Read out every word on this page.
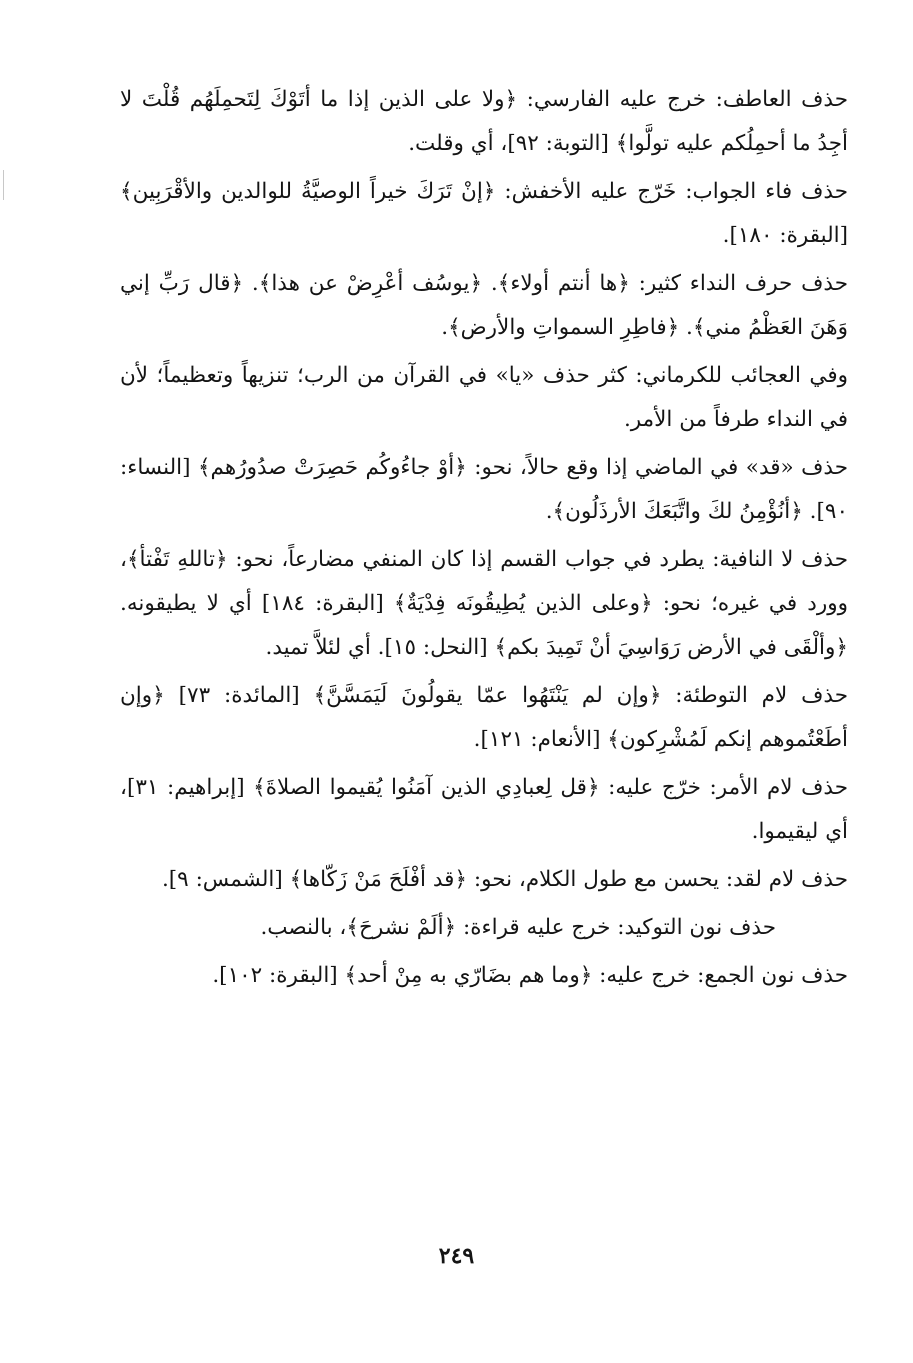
حذف العاطف: خرج عليه الفارسي: ﴿ولا على الذين إذا ما أتَوْكَ لِتَحمِلَهُم قُلْتَ لا أجِدُ ما أحمِلُكم عليه تولَّوا﴾ [التوبة: ٩٢]، أي وقلت.

حذف فاء الجواب: خَرّج عليه الأخفش: ﴿إنْ تَرَكَ خيراً الوصيَّةُ للوالدين والأقْرَبِين﴾ [البقرة: ١٨٠].

حذف حرف النداء كثير: ﴿ها أنتم أولاء﴾. ﴿يوسُف أعْرِضْ عن هذا﴾. ﴿قال رَبِّ إني وَهَنَ العَظْمُ مني﴾. ﴿فاطِرِ السمواتِ والأرض﴾.

وفي العجائب للكرماني: كثر حذف «يا» في القرآن من الرب؛ تنزيهاً وتعظيماً؛ لأن في النداء طرفاً من الأمر.

حذف «قد» في الماضي إذا وقع حالاً، نحو: ﴿أوْ جاءُوكُم حَصِرَتْ صدُورُهم﴾ [النساء: ٩٠]. ﴿أنُؤْمِنُ لكَ واتَّبَعَكَ الأرذَلُون﴾.

حذف لا النافية: يطرد في جواب القسم إذا كان المنفي مضارعاً، نحو: ﴿تاللهِ تَفْتأ﴾، وورد في غيره؛ نحو: ﴿وعلى الذين يُطِيقُونَه فِدْيَةٌ﴾ [البقرة: ١٨٤] أي لا يطيقونه. ﴿وألْقَى في الأرض رَوَاسِيَ أنْ تَمِيدَ بكم﴾ [النحل: ١٥]. أي لئلاَّ تميد.

حذف لام التوطئة: ﴿وإن لم يَنْتَهُوا عمّا يقولُونَ لَيَمَسَّنَّ﴾ [المائدة: ٧٣] ﴿وإن أطَعْتُموهم إنكم لَمُشْرِكون﴾ [الأنعام: ١٢١].

حذف لام الأمر: خرّج عليه: ﴿قل لِعبادِي الذين آمَنُوا يُقيموا الصلاةَ﴾ [إبراهيم: ٣١]، أي ليقيموا.

حذف لام لقد: يحسن مع طول الكلام، نحو: ﴿قد أفْلَحَ مَنْ زَكّاها﴾ [الشمس: ٩].

حذف نون التوكيد: خرج عليه قراءة: ﴿ألَمْ نشرحَ﴾، بالنصب.

حذف نون الجمع: خرج عليه: ﴿وما هم بضَارّي به مِنْ أحد﴾ [البقرة: ١٠٢].

٢٤٩
